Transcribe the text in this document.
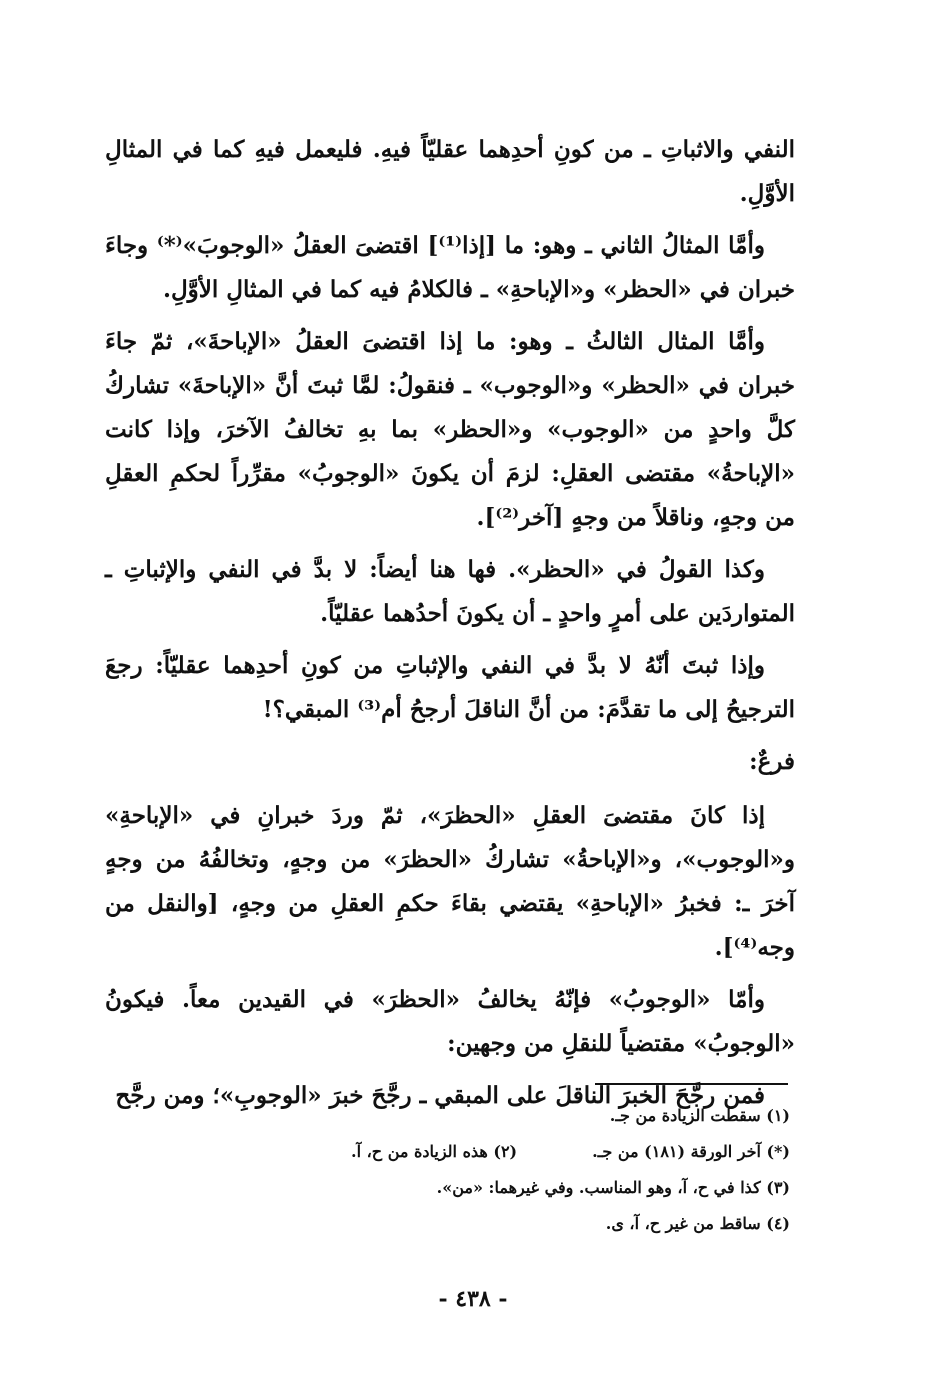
النفي والاثباتِ ـ من كونِ أحدِهما عقليّاً فيهِ. فليعمل فيهِ كما في المثالِ الأوَّلِ.

وأمَّا المثالُ الثاني ـ وهو: ما [إذا⁽¹⁾] اقتضىَ العقلُ «الوجوبَ»⁽*⁾ وجاءَ خبران في «الحظر» و«الإباحةِ» ـ فالكلامُ فيه كما في المثالِ الأوَّلِ.

وأمَّا المثال الثالثُ ـ وهو: ما إذا اقتضىَ العقلُ «الإباحةَ»، ثمّ جاءَ خبران في «الحظر» و«الوجوب» ـ فنقولُ: لمَّا ثبتَ أنَّ «الإباحةَ» تشاركُ كلَّ واحدٍ من «الوجوب» و«الحظر» بما بهِ تخالفُ الآخرَ، وإذا كانت «الإباحةُ» مقتضى العقلِ: لزمَ أن يكونَ «الوجوبُ» مقرِّراً لحكمِ العقلِ من وجهٍ، وناقلاً من وجهٍ [آخر⁽²⁾].

وكذا القولُ في «الحظر». فها هنا أيضاً: لا بدَّ في النفي والإثباتِ ـ المتواردَين على أمرٍ واحدٍ ـ أن يكونَ أحدُهما عقليّاً.

وإذا ثبتَ أنّهُ لا بدَّ في النفي والإثباتِ من كونِ أحدِهما عقليّاً: رجعَ الترجيحُ إلى ما تقدَّمَ: من أنَّ الناقلَ أرجحُ أم⁽³⁾ المبقي؟!

فرعٌ:

إذا كانَ مقتضىَ العقلِ «الحظرَ»، ثمّ وردَ خبرانِ في «الإباحةِ» و«الوجوب»، و«الإباحةُ» تشاركُ «الحظرَ» من وجهٍ، وتخالفُهُ من وجهٍ آخرَ ـ: فخبرُ «الإباحةِ» يقتضي بقاءَ حكمِ العقلِ من وجهٍ، [والنقل من وجه⁽⁴⁾].

وأمّا «الوجوبُ» فإنّهُ يخالفُ «الحظرَ» في القيدين معاً. فيكونُ «الوجوبُ» مقتضياً للنقلِ من وجهين:

فمن رجَّحَ الخبرَ الناقلَ على المبقي ـ رجَّحَ خبرَ «الوجوبِ»؛ ومن رجَّح

(١) سقطت الزيادة من جـ.
(*) آخر الورقة (١٨١) من جـ.
(٢) هذه الزيادة من ح، آ.
(٣) كذا في ح، آ، وهو المناسب. وفي غيرهما: «من».
(٤) ساقط من غير ح، آ، ى.
- ٤٣٨ -
